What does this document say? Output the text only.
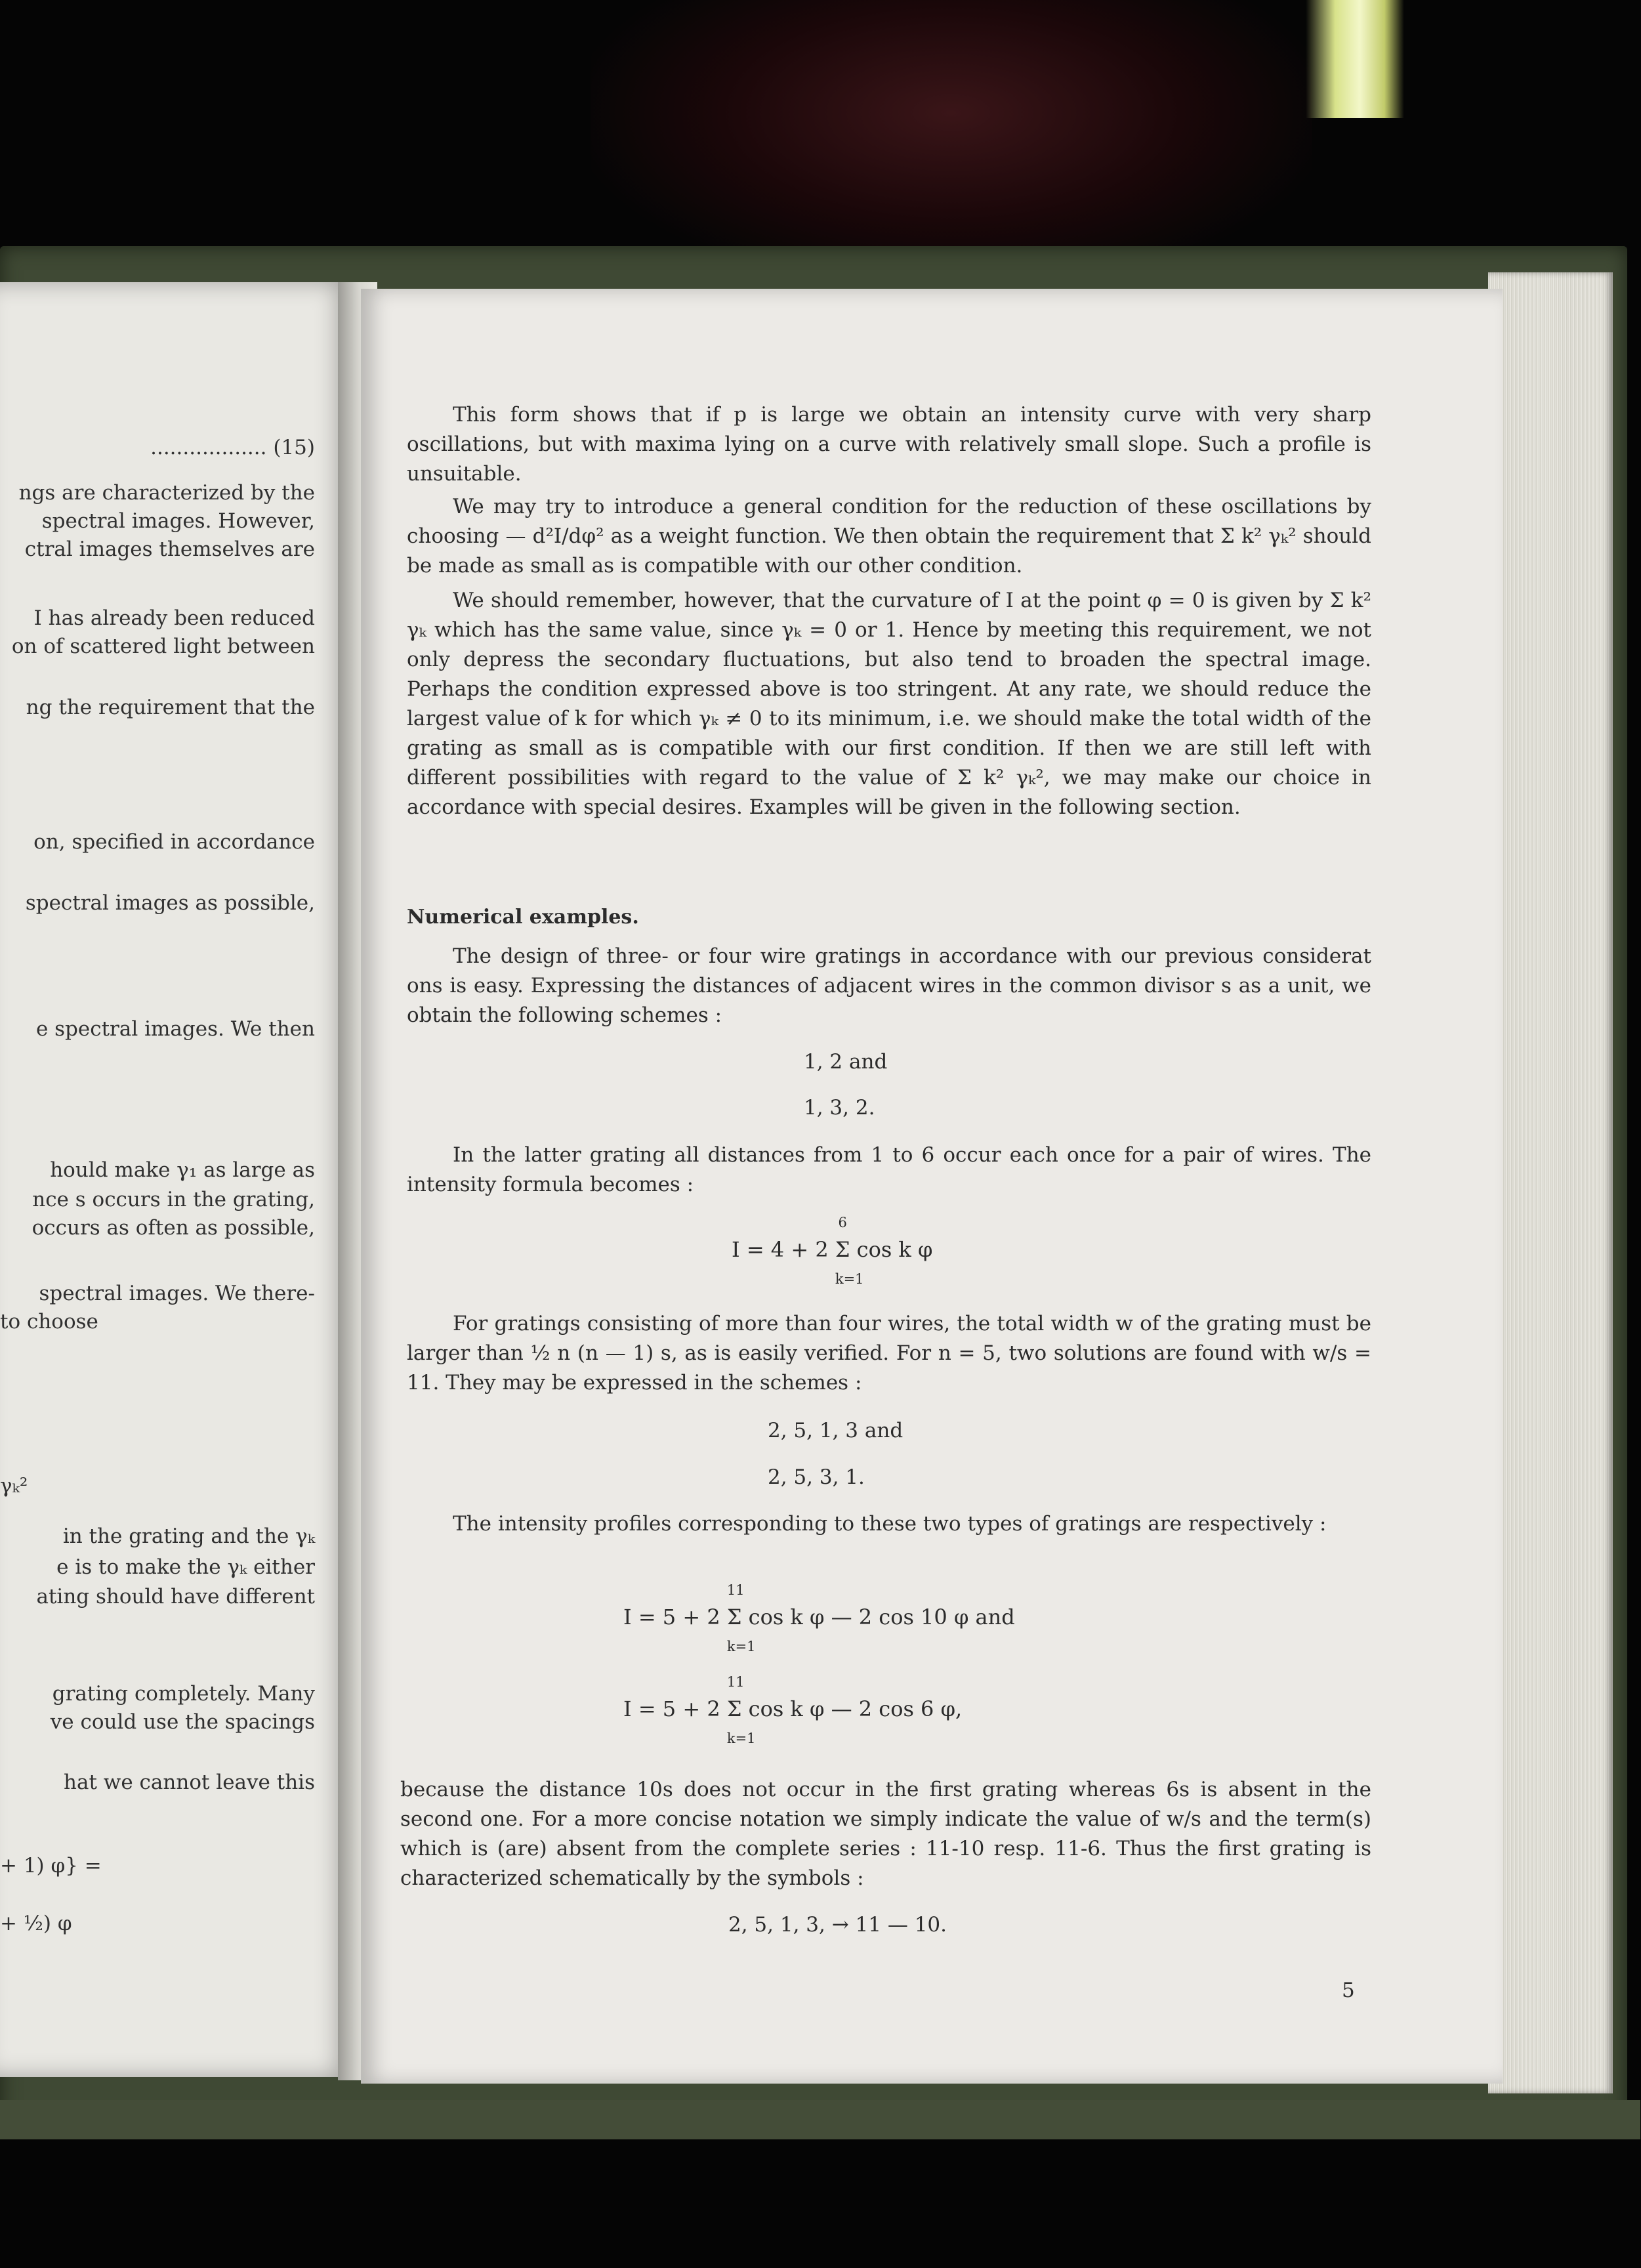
.................. (15)
ngs are characterized by the
spectral images. However,
ctral images themselves are
I has already been reduced
on of scattered light between
ng the requirement that the
on, specified in accordance
spectral images as possible,
e spectral images. We then
hould make γ₁ as large as
nce s occurs in the grating,
occurs as often as possible,
spectral images. We there-
to choose
γₖ²
in the grating and the γₖ
e is to make the γₖ either
ating should have different
grating completely. Many
ve could use the spacings
hat we cannot leave this
+ 1) φ} =
+ ½) φ

This form shows that if p is large we obtain an intensity curve with very sharp oscillations, but with maxima lying on a curve with relatively small slope. Such a profile is unsuitable.

We may try to introduce a general condition for the reduction of these oscillations by choosing — d²I/dφ² as a weight function. We then obtain the requirement that Σ k² γₖ² should be made as small as is compatible with our other condition.

We should remember, however, that the curvature of I at the point φ = 0 is given by Σ k² γₖ which has the same value, since γₖ = 0 or 1. Hence by meeting this requirement, we not only depress the secondary fluctuations, but also tend to broaden the spectral image. Perhaps the condition expressed above is too stringent. At any rate, we should reduce the largest value of k for which γₖ ≠ 0 to its minimum, i.e. we should make the total width of the grating as small as is compatible with our first condition. If then we are still left with different possibilities with regard to the value of Σ k² γₖ², we may make our choice in accordance with special desires. Examples will be given in the following section.

Numerical examples.

The design of three- or four wire gratings in accordance with our previous considerat ons is easy. Expressing the distances of adjacent wires in the common divisor s as a unit, we obtain the following schemes :

1, 2 and
1, 3, 2.

In the latter grating all distances from 1 to 6 occur each once for a pair of wires. The intensity formula becomes :

I = 4 + 2 Σ
6
k=1
cos k φ

For gratings consisting of more than four wires, the total width w of the grating must be larger than ½ n (n — 1) s, as is easily verified. For n = 5, two solutions are found with w/s = 11. They may be expressed in the schemes :

2, 5, 1, 3 and
2, 5, 3, 1.

The intensity profiles corresponding to these two types of gratings are respectively :

I = 5 + 2 Σ
11
k=1
cos k φ — 2 cos 10 φ and
I = 5 + 2 Σ
11
k=1
cos k φ — 2 cos 6 φ,

because the distance 10s does not occur in the first grating whereas 6s is absent in the second one. For a more concise notation we simply indicate the value of w/s and the term(s) which is (are) absent from the complete series : 11-10 resp. 11-6. Thus the first grating is characterized schematically by the symbols :

2, 5, 1, 3, → 11 — 10.
5
